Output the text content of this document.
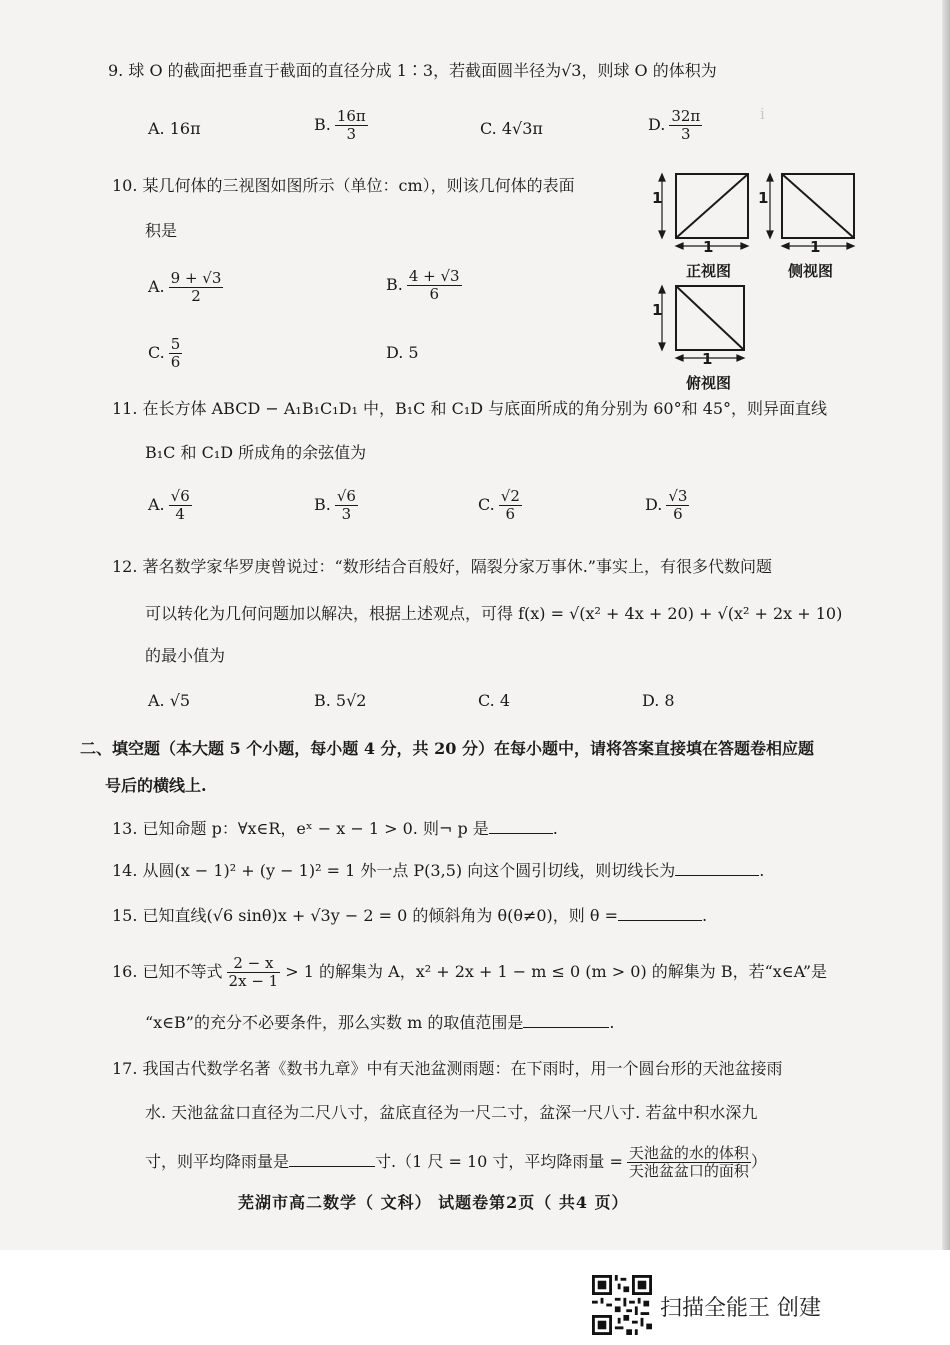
ⅰ
9. 球 O 的截面把垂直于截面的直径分成 1∶3，若截面圆半径为√3，则球 O 的体积为
A. 16π	B. $\frac{16\pi}{3}$	C. 4√3π	D. $\frac{32\pi}{3}$
10. 某几何体的三视图如图所示（单位：cm），则该几何体的表面
积是
A. $\frac{9 + √3}{2}$	B. $\frac{4 + √3}{6}$
C. $\frac{5}{6}$	D. 5
1
1
1
1
1
1
正视图	侧视图
俯视图
11. 在长方体 ABCD − A₁B₁C₁D₁ 中，B₁C 和 C₁D 与底面所成的角分别为 60°和 45°，则异面直线
B₁C 和 C₁D 所成角的余弦值为
A. $\frac{√6}{4}$	B. $\frac{√6}{3}$	C. $\frac{√2}{6}$	D. $\frac{√3}{6}$
12. 著名数学家华罗庚曾说过：“数形结合百般好，隔裂分家万事休.”事实上，有很多代数问题
可以转化为几何问题加以解决，根据上述观点，可得 f(x) = √(x² + 4x + 20) + √(x² + 2x + 10)
的最小值为
A. √5	B. 5√2	C. 4	D. 8
二、填空题（本大题 5 个小题，每小题 4 分，共 20 分）在每小题中，请将答案直接填在答题卷相应题
号后的横线上.
13. 已知命题 p：∀x∈R，eˣ − x − 1 > 0. 则¬ p 是	.
14. 从圆(x − 1)² + (y − 1)² = 1 外一点 P(3,5) 向这个圆引切线，则切线长为	.
15. 已知直线(√6 sinθ)x + √3y − 2 = 0 的倾斜角为 θ(θ≠0)，则 θ =	.
16. 已知不等式 $\frac{2 - x}{2x - 1} > 1$ 的解集为 A，x² + 2x + 1 − m ≤ 0 (m > 0) 的解集为 B，若“x∈A”是
“x∈B”的充分不必要条件，那么实数 m 的取值范围是	.
17. 我国古代数学名著《数书九章》中有天池盆测雨题：在下雨时，用一个圆台形的天池盆接雨
水. 天池盆盆口直径为二尺八寸，盆底直径为一尺二寸，盆深一尺八寸. 若盆中积水深九
寸，则平均降雨量是	寸.（1 尺 = 10 寸，平均降雨量 = $\frac{\text{天池盆的水的体积}}{\text{天池盆盆口的面积}}$ ）
芜湖市高二数学（ 文科） 试题卷第2页（ 共4 页）
扫描全能王 创建
